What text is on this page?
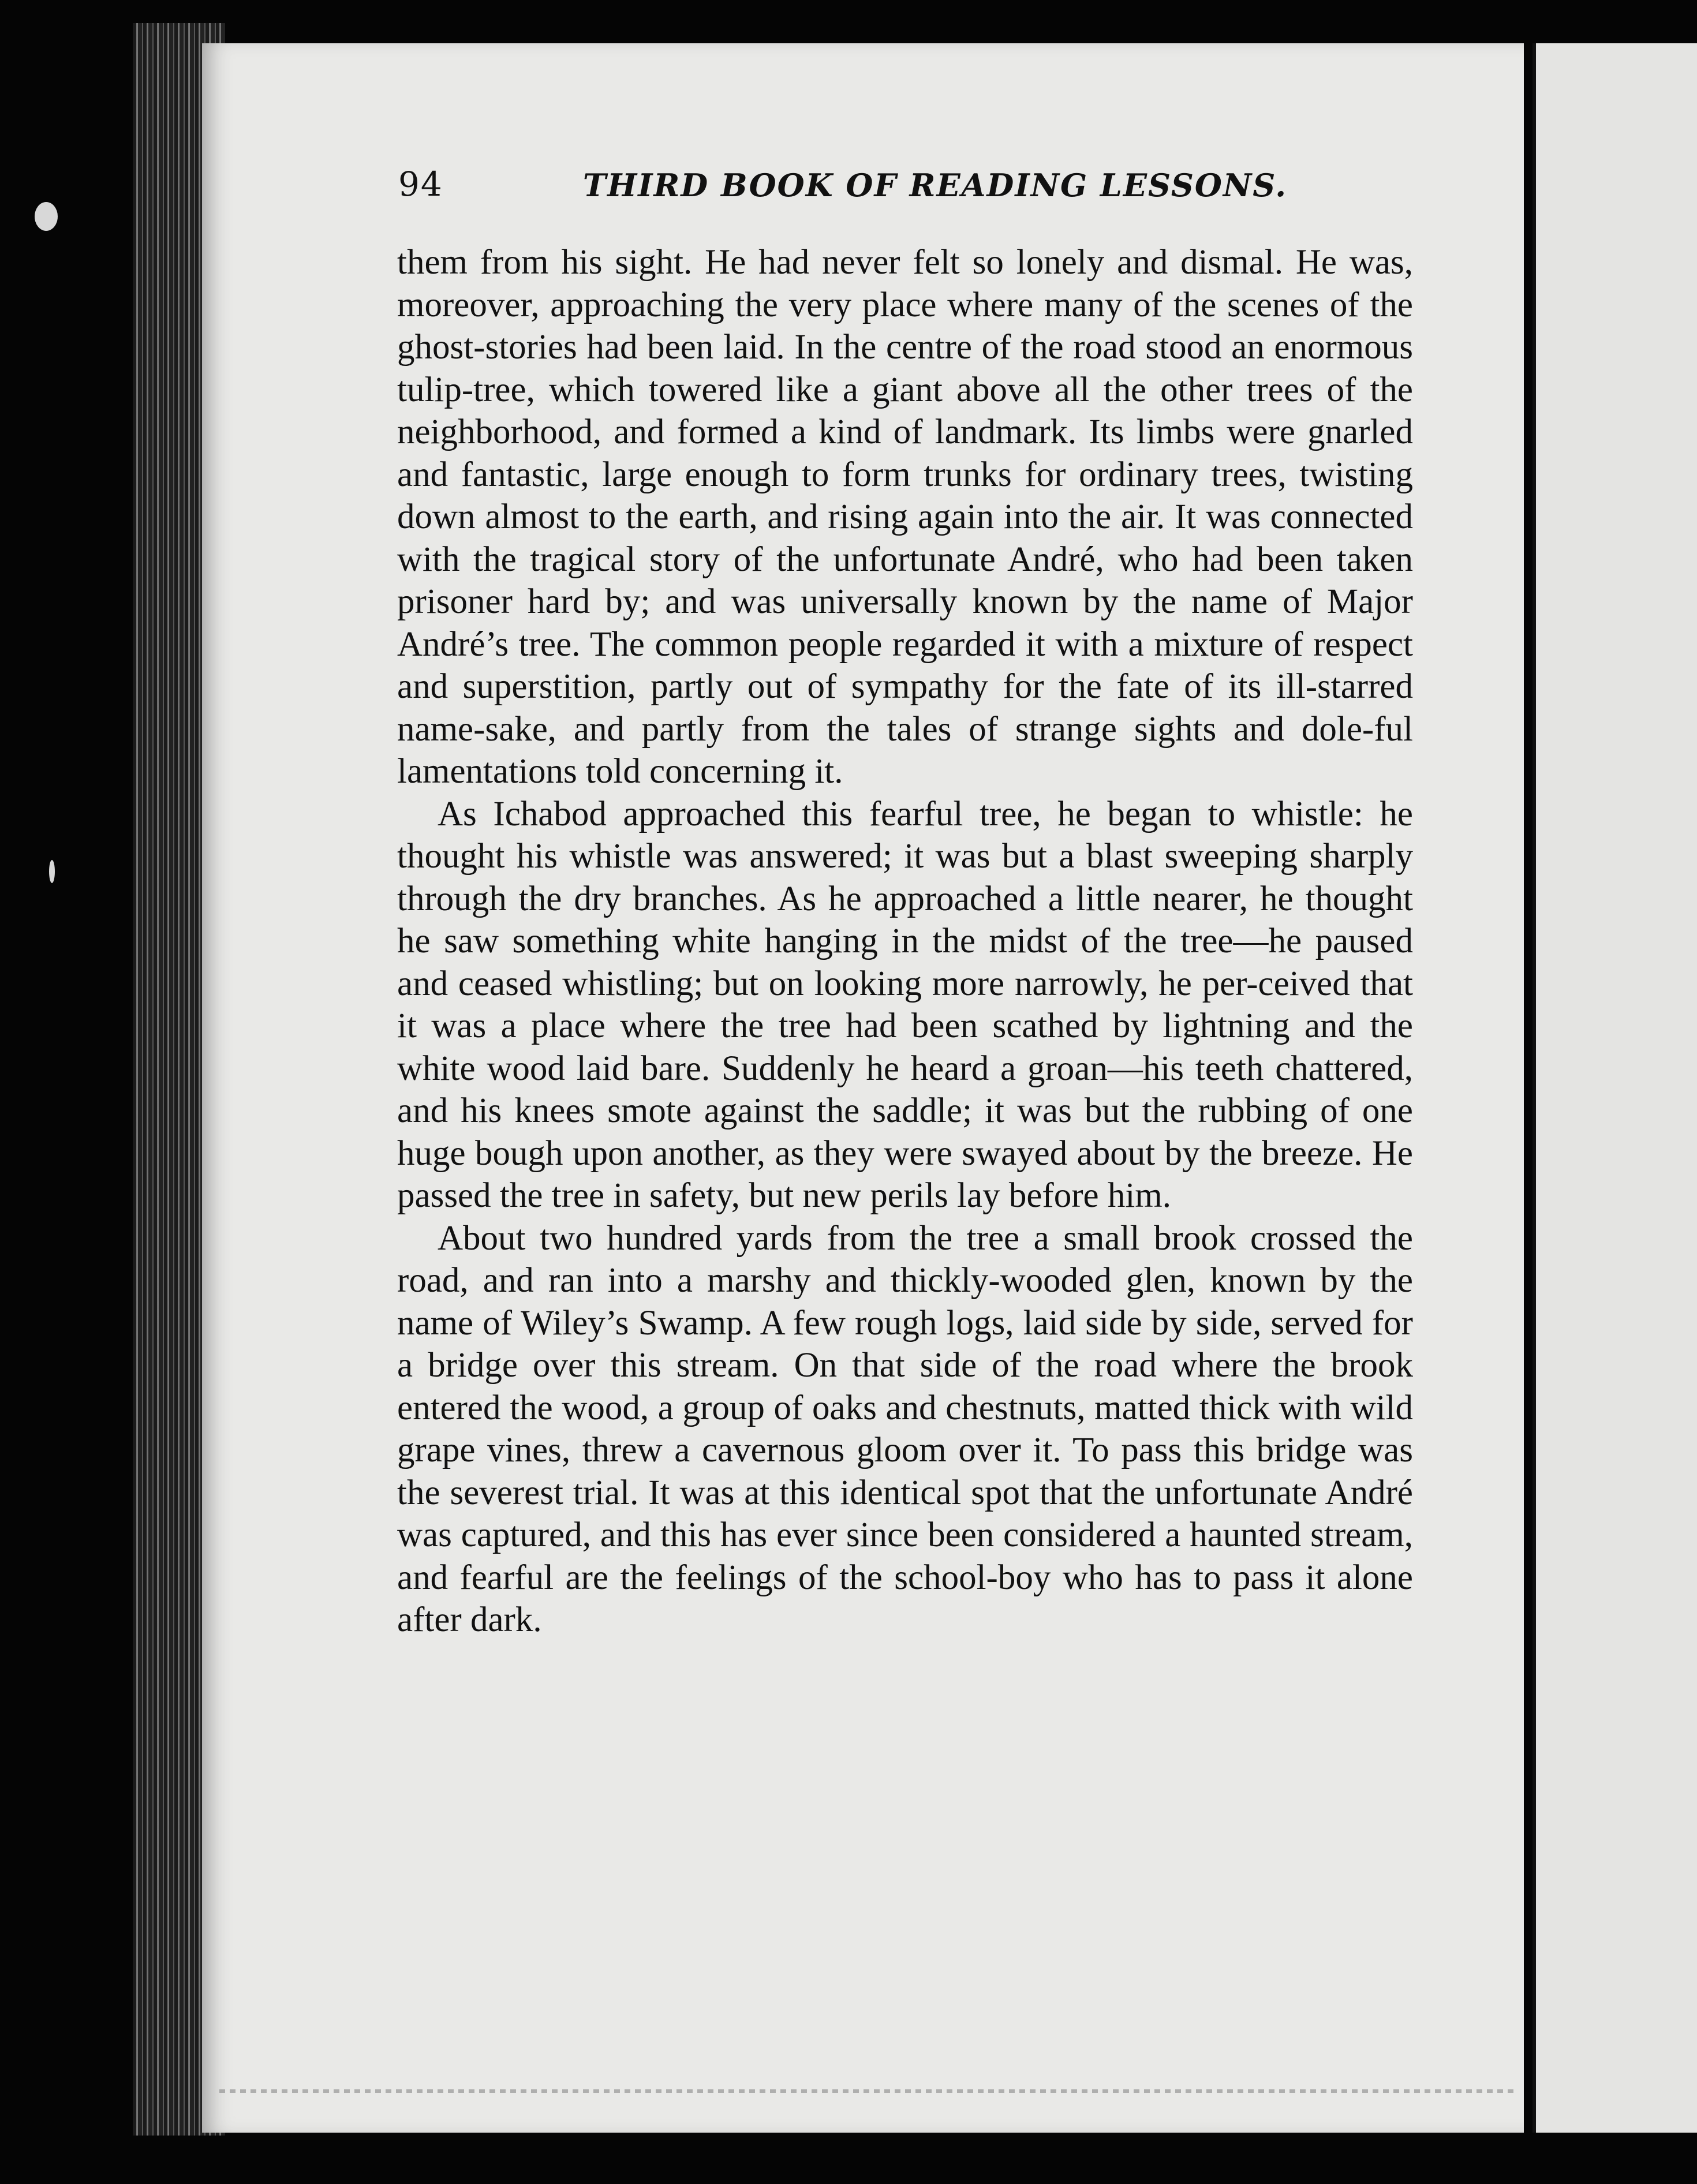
94	THIRD BOOK OF READING LESSONS.

them from his sight. He had never felt so lonely and dismal. He was, moreover, approaching the very place where many of the scenes of the ghost-stories had been laid. In the centre of the road stood an enormous tulip-tree, which towered like a giant above all the other trees of the neighborhood, and formed a kind of landmark. Its limbs were gnarled and fantastic, large enough to form trunks for ordinary trees, twisting down almost to the earth, and rising again into the air. It was connected with the tragical story of the unfortunate André, who had been taken prisoner hard by; and was universally known by the name of Major André’s tree. The common people regarded it with a mixture of respect and superstition, partly out of sympathy for the fate of its ill-starred name-sake, and partly from the tales of strange sights and dole-ful lamentations told concerning it.

As Ichabod approached this fearful tree, he began to whistle: he thought his whistle was answered; it was but a blast sweeping sharply through the dry branches. As he approached a little nearer, he thought he saw something white hanging in the midst of the tree—he paused and ceased whistling; but on looking more narrowly, he per-ceived that it was a place where the tree had been scathed by lightning and the white wood laid bare. Suddenly he heard a groan—his teeth chattered, and his knees smote against the saddle; it was but the rubbing of one huge bough upon another, as they were swayed about by the breeze. He passed the tree in safety, but new perils lay before him.

About two hundred yards from the tree a small brook crossed the road, and ran into a marshy and thickly-wooded glen, known by the name of Wiley’s Swamp. A few rough logs, laid side by side, served for a bridge over this stream. On that side of the road where the brook entered the wood, a group of oaks and chestnuts, matted thick with wild grape vines, threw a cavernous gloom over it. To pass this bridge was the severest trial. It was at this identical spot that the unfortunate André was captured, and this has ever since been considered a haunted stream, and fearful are the feelings of the school-boy who has to pass it alone after dark.
